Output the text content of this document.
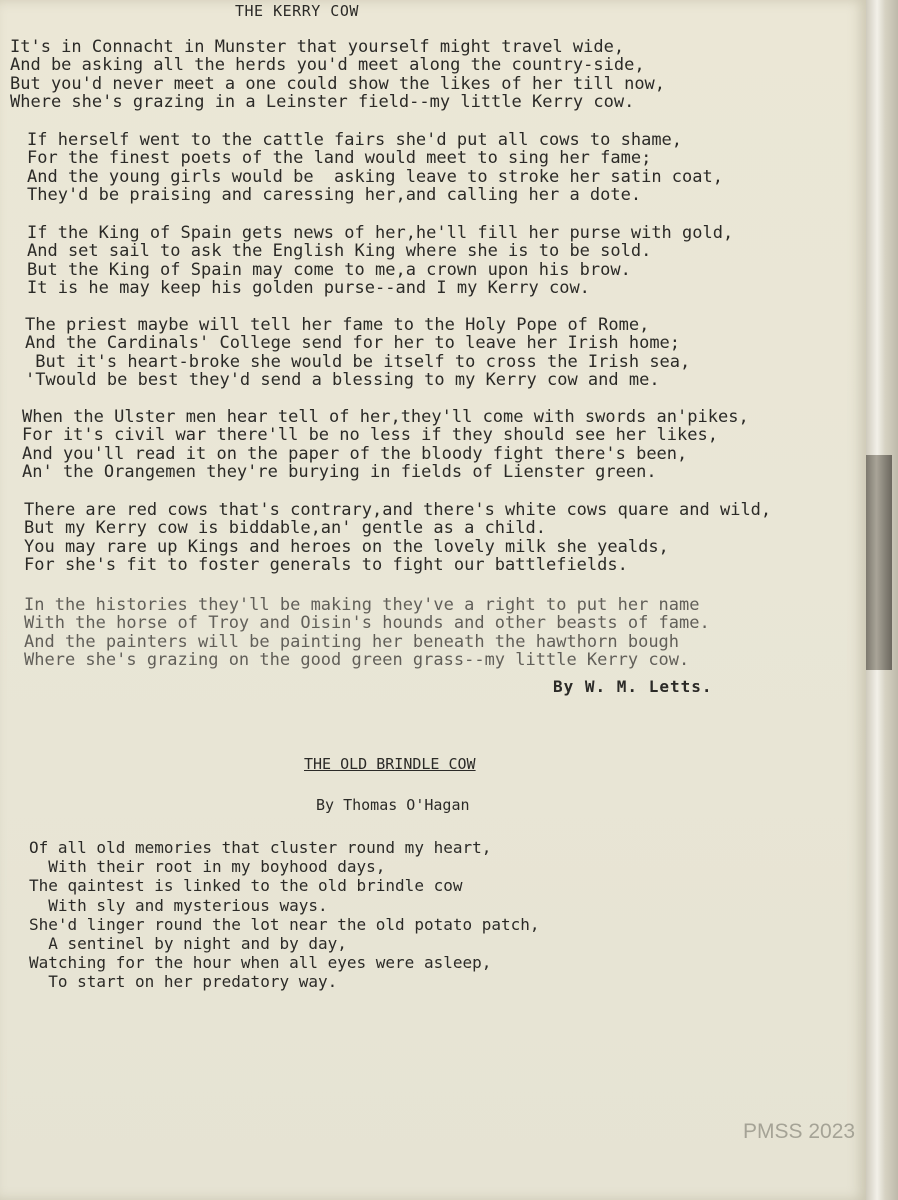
THE KERRY COW
It's in Connacht in Munster that yourself might travel wide,
And be asking all the herds you'd meet along the country-side,
But you'd never meet a one could show the likes of her till now,
Where she's grazing in a Leinster field--my little Kerry cow.
If herself went to the cattle fairs she'd put all cows to shame,
For the finest poets of the land would meet to sing her fame;
And the young girls would be  asking leave to stroke her satin coat,
They'd be praising and caressing her,and calling her a dote.
If the King of Spain gets news of her,he'll fill her purse with gold,
And set sail to ask the English King where she is to be sold.
But the King of Spain may come to me,a crown upon his brow.
It is he may keep his golden purse--and I my Kerry cow.
The priest maybe will tell her fame to the Holy Pope of Rome,
And the Cardinals' College send for her to leave her Irish home;
But it's heart-broke she would be itself to cross the Irish sea,
'Twould be best they'd send a blessing to my Kerry cow and me.
When the Ulster men hear tell of her,they'll come with swords an'pikes,
For it's civil war there'll be no less if they should see her likes,
And you'll read it on the paper of the bloody fight there's been,
An' the Orangemen they're burying in fields of Lienster green.
There are red cows that's contrary,and there's white cows quare and wild,
But my Kerry cow is biddable,an' gentle as a child.
You may rare up Kings and heroes on the lovely milk she yealds,
For she's fit to foster generals to fight our battlefields.
In the histories they'll be making they've a right to put her name
With the horse of Troy and Oisin's hounds and other beasts of fame.
And the painters will be painting her beneath the hawthorn bough
Where she's grazing on the good green grass--my little Kerry cow.
By W. M. Letts.
THE OLD BRINDLE COW
By Thomas O'Hagan
Of all old memories that cluster round my heart,
With their root in my boyhood days,
The qaintest is linked to the old brindle cow
With sly and mysterious ways.
She'd linger round the lot near the old potato patch,
A sentinel by night and by day,
Watching for the hour when all eyes were asleep,
To start on her predatory way.
PMSS 2023
